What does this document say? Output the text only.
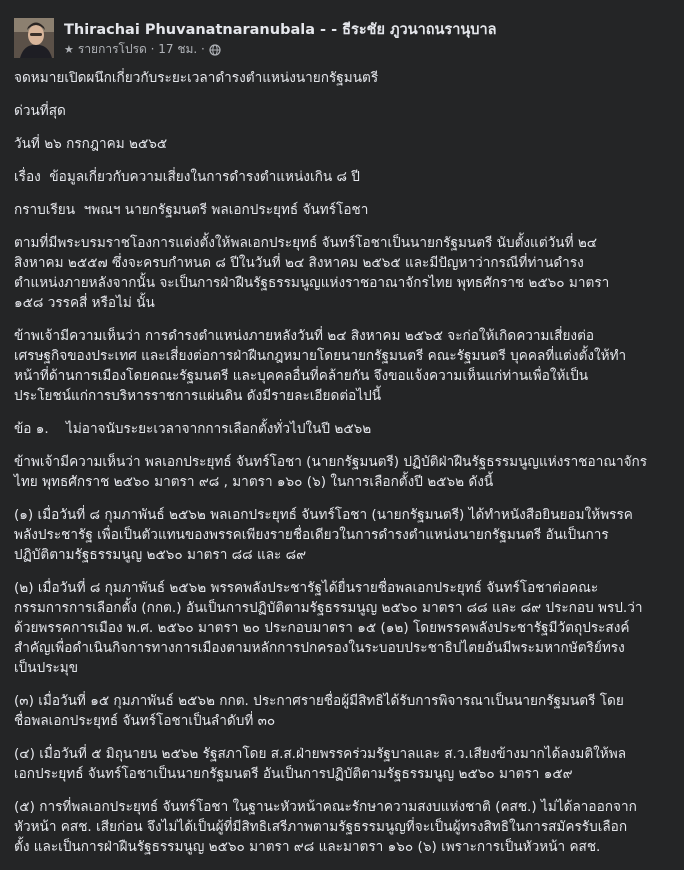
Thirachai Phuvanatnaranubala - - ธีระชัย ภูวนาถนรานุบาล
★ รายการโปรด · 17 ชม. ·

จดหมายเปิดผนึกเกี่ยวกับระยะเวลาดำรงตำแหน่งนายกรัฐมนตรี

ด่วนที่สุด

วันที่ ๒๖ กรกฎาคม ๒๕๖๕

เรื่อง  ข้อมูลเกี่ยวกับความเสี่ยงในการดำรงตำแหน่งเกิน ๘ ปี

กราบเรียน  ฯพณฯ นายกรัฐมนตรี พลเอกประยุทธ์ จันทร์โอชา

ตามที่มีพระบรมราชโองการแต่งตั้งให้พลเอกประยุทธ์ จันทร์โอชาเป็นนายกรัฐมนตรี นับตั้งแต่วันที่ ๒๔
สิงหาคม ๒๕๕๗ ซึ่งจะครบกำหนด ๘ ปีในวันที่ ๒๔ สิงหาคม ๒๕๖๕ และมีปัญหาว่ากรณีที่ท่านดำรง
ตำแหน่งภายหลังจากนั้น จะเป็นการฝ่าฝืนรัฐธรรมนูญแห่งราชอาณาจักรไทย พุทธศักราช ๒๕๖๐ มาตรา
๑๕๘ วรรคสี่ หรือไม่ นั้น

ข้าพเจ้ามีความเห็นว่า การดำรงตำแหน่งภายหลังวันที่ ๒๔ สิงหาคม ๒๕๖๕ จะก่อให้เกิดความเสี่ยงต่อ
เศรษฐกิจของประเทศ และเสี่ยงต่อการฝ่าฝืนกฎหมายโดยนายกรัฐมนตรี คณะรัฐมนตรี บุคคลที่แต่งตั้งให้ทำ
หน้าที่ด้านการเมืองโดยคณะรัฐมนตรี และบุคคลอื่นที่คล้ายกัน จึงขอแจ้งความเห็นแก่ท่านเพื่อให้เป็น
ประโยชน์แก่การบริหารราชการแผ่นดิน ดังมีรายละเอียดต่อไปนี้

ข้อ ๑.    ไม่อาจนับระยะเวลาจากการเลือกตั้งทั่วไปในปี ๒๕๖๒

ข้าพเจ้ามีความเห็นว่า พลเอกประยุทธ์ จันทร์โอชา (นายกรัฐมนตรี) ปฏิบัติฝ่าฝืนรัฐธรรมนูญแห่งราชอาณาจักร
ไทย พุทธศักราช ๒๕๖๐ มาตรา ๙๘ , มาตรา ๑๖๐ (๖) ในการเลือกตั้งปี ๒๕๖๒ ดังนี้

(๑) เมื่อวันที่ ๘ กุมภาพันธ์ ๒๕๖๒ พลเอกประยุทธ์ จันทร์โอชา (นายกรัฐมนตรี) ได้ทำหนังสือยินยอมให้พรรค
พลังประชารัฐ เพื่อเป็นตัวแทนของพรรคเพียงรายชื่อเดียวในการดำรงตำแหน่งนายกรัฐมนตรี อันเป็นการ
ปฏิบัติตามรัฐธรรมนูญ ๒๕๖๐ มาตรา ๘๘ และ ๘๙

(๒) เมื่อวันที่ ๘ กุมภาพันธ์ ๒๕๖๒ พรรคพลังประชารัฐได้ยื่นรายชื่อพลเอกประยุทธ์ จันทร์โอชาต่อคณะ
กรรมการการเลือกตั้ง (กกต.) อันเป็นการปฏิบัติตามรัฐธรรมนูญ ๒๕๖๐ มาตรา ๘๘ และ ๘๙ ประกอบ พรป.ว่า
ด้วยพรรคการเมือง พ.ศ. ๒๕๖๐ มาตรา ๒๐ ประกอบมาตรา ๑๕ (๑๒) โดยพรรคพลังประชารัฐมีวัตถุประสงค์
สำคัญเพื่อดำเนินกิจการทางการเมืองตามหลักการปกครองในระบอบประชาธิปไตยอันมีพระมหากษัตริย์ทรง
เป็นประมุข

(๓) เมื่อวันที่ ๑๕ กุมภาพันธ์ ๒๕๖๒ กกต. ประกาศรายชื่อผู้มีสิทธิได้รับการพิจารณาเป็นนายกรัฐมนตรี โดย
ชื่อพลเอกประยุทธ์ จันทร์โอชาเป็นลำดับที่ ๓๐

(๔) เมื่อวันที่ ๕ มิถุนายน ๒๕๖๒ รัฐสภาโดย ส.ส.ฝ่ายพรรคร่วมรัฐบาลและ ส.ว.เสียงข้างมากได้ลงมติให้พล
เอกประยุทธ์ จันทร์โอชาเป็นนายกรัฐมนตรี อันเป็นการปฏิบัติตามรัฐธรรมนูญ ๒๕๖๐ มาตรา ๑๕๙

(๕) การที่พลเอกประยุทธ์ จันทร์โอชา ในฐานะหัวหน้าคณะรักษาความสงบแห่งชาติ (คสช.) ไม่ได้ลาออกจาก
หัวหน้า คสช. เสียก่อน จึงไม่ได้เป็นผู้ที่มีสิทธิเสรีภาพตามรัฐธรรมนูญที่จะเป็นผู้ทรงสิทธิในการสมัครรับเลือก
ตั้ง และเป็นการฝ่าฝืนรัฐธรรมนูญ ๒๕๖๐ มาตรา ๙๘ และมาตรา ๑๖๐ (๖) เพราะการเป็นหัวหน้า คสช.
